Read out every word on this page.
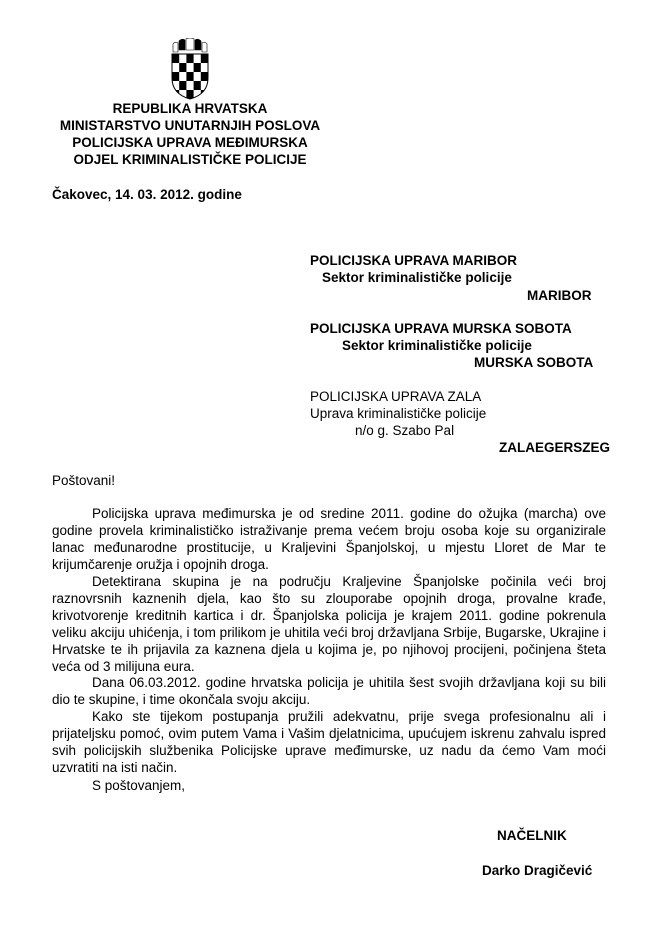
REPUBLIKA HRVATSKA
MINISTARSTVO UNUTARNJIH POSLOVA
POLICIJSKA UPRAVA MEĐIMURSKA
ODJEL KRIMINALISTIČKE POLICIJE
Čakovec, 14. 03. 2012. godine
POLICIJSKA UPRAVA MARIBOR
Sektor kriminalističke policije
MARIBOR
POLICIJSKA UPRAVA MURSKA SOBOTA
Sektor kriminalističke policije
MURSKA SOBOTA
POLICIJSKA UPRAVA ZALA
Uprava kriminalističke policije
n/o g. Szabo Pal
ZALAEGERSZEG
Poštovani!
Policijska uprava međimurska je od sredine 2011. godine do ožujka (marcha) ove godine provela kriminalističko istraživanje prema većem broju osoba koje su organizirale lanac međunarodne prostitucije, u Kraljevini Španjolskoj, u mjestu Lloret de Mar te krijumčarenje oružja i opojnih droga.
Detektirana skupina je na području Kraljevine Španjolske počinila veći broj raznovrsnih kaznenih djela, kao što su zlouporabe opojnih droga, provalne krađe, krivotvorenje kreditnih kartica i dr. Španjolska policija je krajem 2011. godine pokrenula veliku akciju uhićenja, i tom prilikom je uhitila veći broj državljana Srbije, Bugarske, Ukrajine i Hrvatske te ih prijavila za kaznena djela u kojima je, po njihovoj procijeni, počinjena šteta veća od 3 milijuna eura.
Dana 06.03.2012. godine hrvatska policija je uhitila šest svojih državljana koji su bili dio te skupine, i time okončala svoju akciju.
Kako ste tijekom postupanja pružili adekvatnu, prije svega profesionalnu ali i prijateljsku pomoć, ovim putem Vama i Vašim djelatnicima, upućujem iskrenu zahvalu ispred svih policijskih službenika Policijske uprave međimurske, uz nadu da ćemo Vam moći uzvratiti na isti način.
S poštovanjem,
NAČELNIK
Darko Dragičević
